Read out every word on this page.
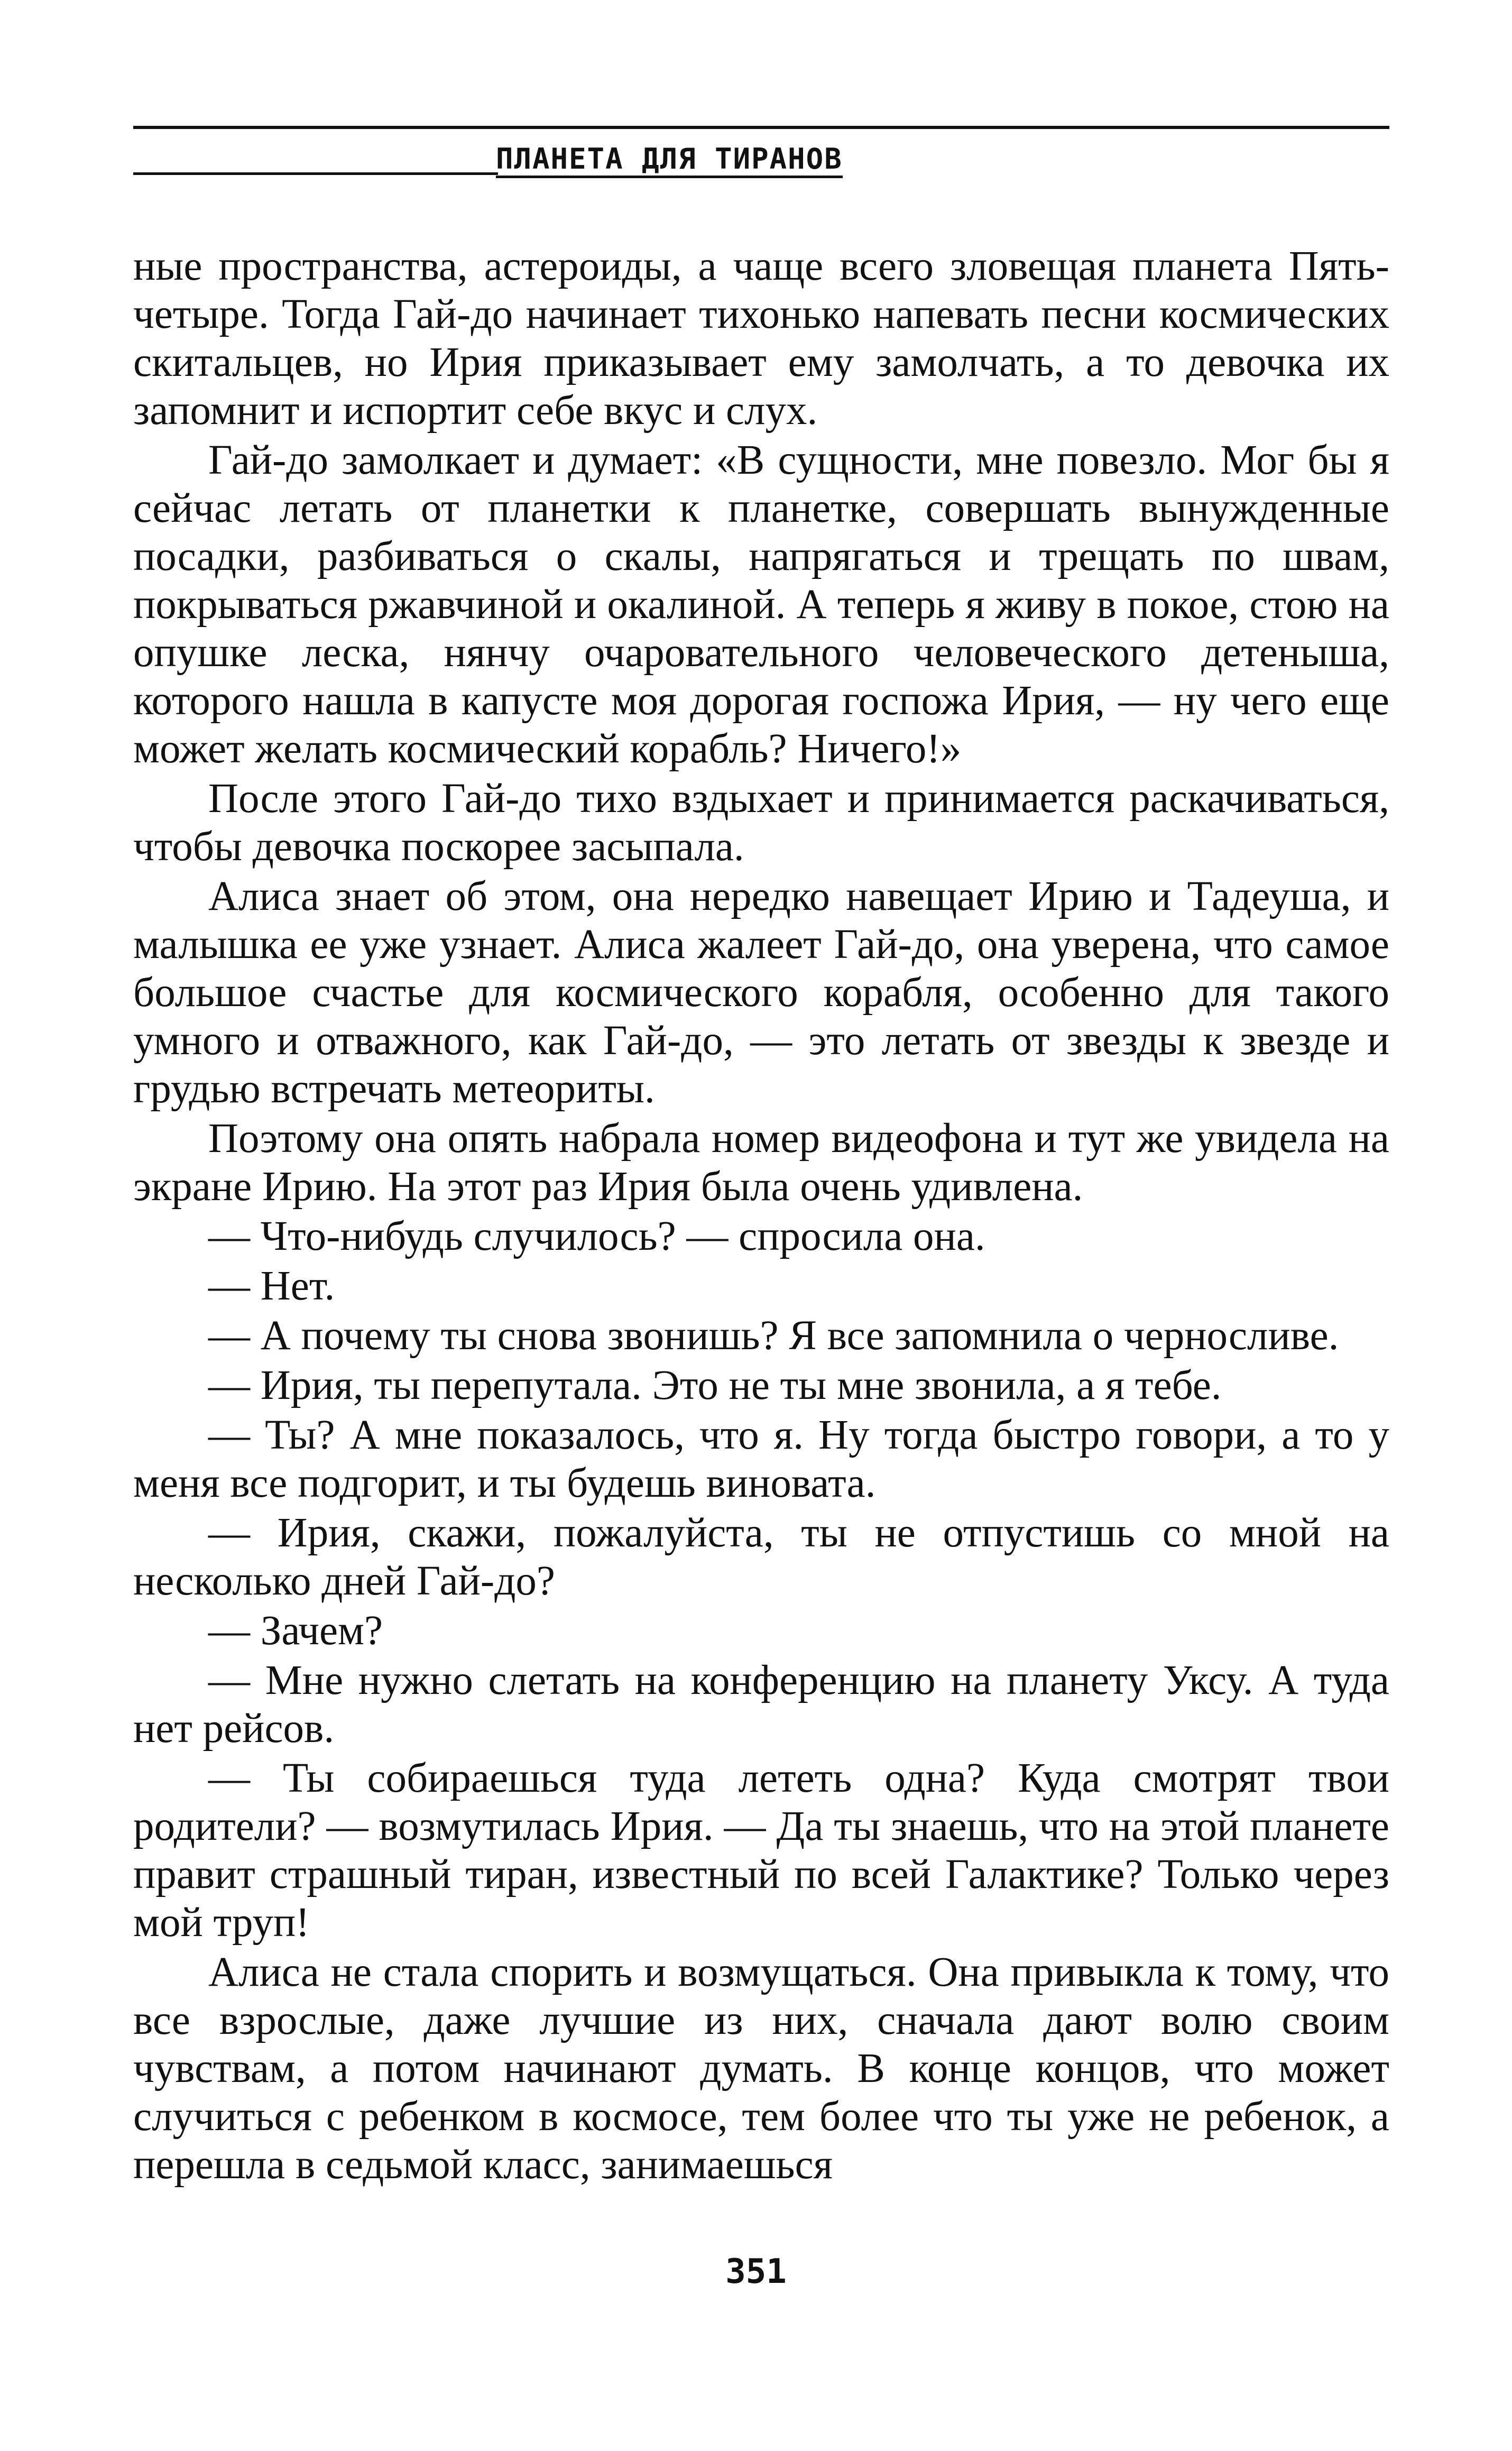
ПЛАНЕТА ДЛЯ ТИРАНОВ

ные пространства, астероиды, а чаще всего зловещая планета Пять-четыре. Тогда Гай-до начинает тихонько напевать песни космических скитальцев, но Ирия приказывает ему замолчать, а то девочка их запомнит и испортит себе вкус и слух.

Гай-до замолкает и думает: «В сущности, мне повезло. Мог бы я сейчас летать от планетки к планетке, совершать вынужденные посадки, разбиваться о скалы, напрягаться и трещать по швам, покрываться ржавчиной и окалиной. А теперь я живу в покое, стою на опушке леска, нянчу очаровательного человеческого детеныша, которого нашла в капусте моя дорогая госпожа Ирия, — ну чего еще может желать космический корабль? Ничего!»

После этого Гай-до тихо вздыхает и принимается раскачиваться, чтобы девочка поскорее засыпала.

Алиса знает об этом, она нередко навещает Ирию и Тадеуша, и малышка ее уже узнает. Алиса жалеет Гай-до, она уверена, что самое большое счастье для космического корабля, особенно для такого умного и отважного, как Гай-до, — это летать от звезды к звезде и грудью встречать метеориты.

Поэтому она опять набрала номер видеофона и тут же увидела на экране Ирию. На этот раз Ирия была очень удивлена.

— Что-нибудь случилось? — спросила она.

— Нет.

— А почему ты снова звонишь? Я все запомнила о черносливе.

— Ирия, ты перепутала. Это не ты мне звонила, а я тебе.

— Ты? А мне показалось, что я. Ну тогда быстро говори, а то у меня все подгорит, и ты будешь виновата.

— Ирия, скажи, пожалуйста, ты не отпустишь со мной на несколько дней Гай-до?

— Зачем?

— Мне нужно слетать на конференцию на планету Уксу. А туда нет рейсов.

— Ты собираешься туда лететь одна? Куда смотрят твои родители? — возмутилась Ирия. — Да ты знаешь, что на этой планете правит страшный тиран, известный по всей Галактике? Только через мой труп!

Алиса не стала спорить и возмущаться. Она привыкла к тому, что все взрослые, даже лучшие из них, сначала дают волю своим чувствам, а потом начинают думать. В конце концов, что может случиться с ребенком в космосе, тем более что ты уже не ребенок, а перешла в седьмой класс, занимаешься

351
